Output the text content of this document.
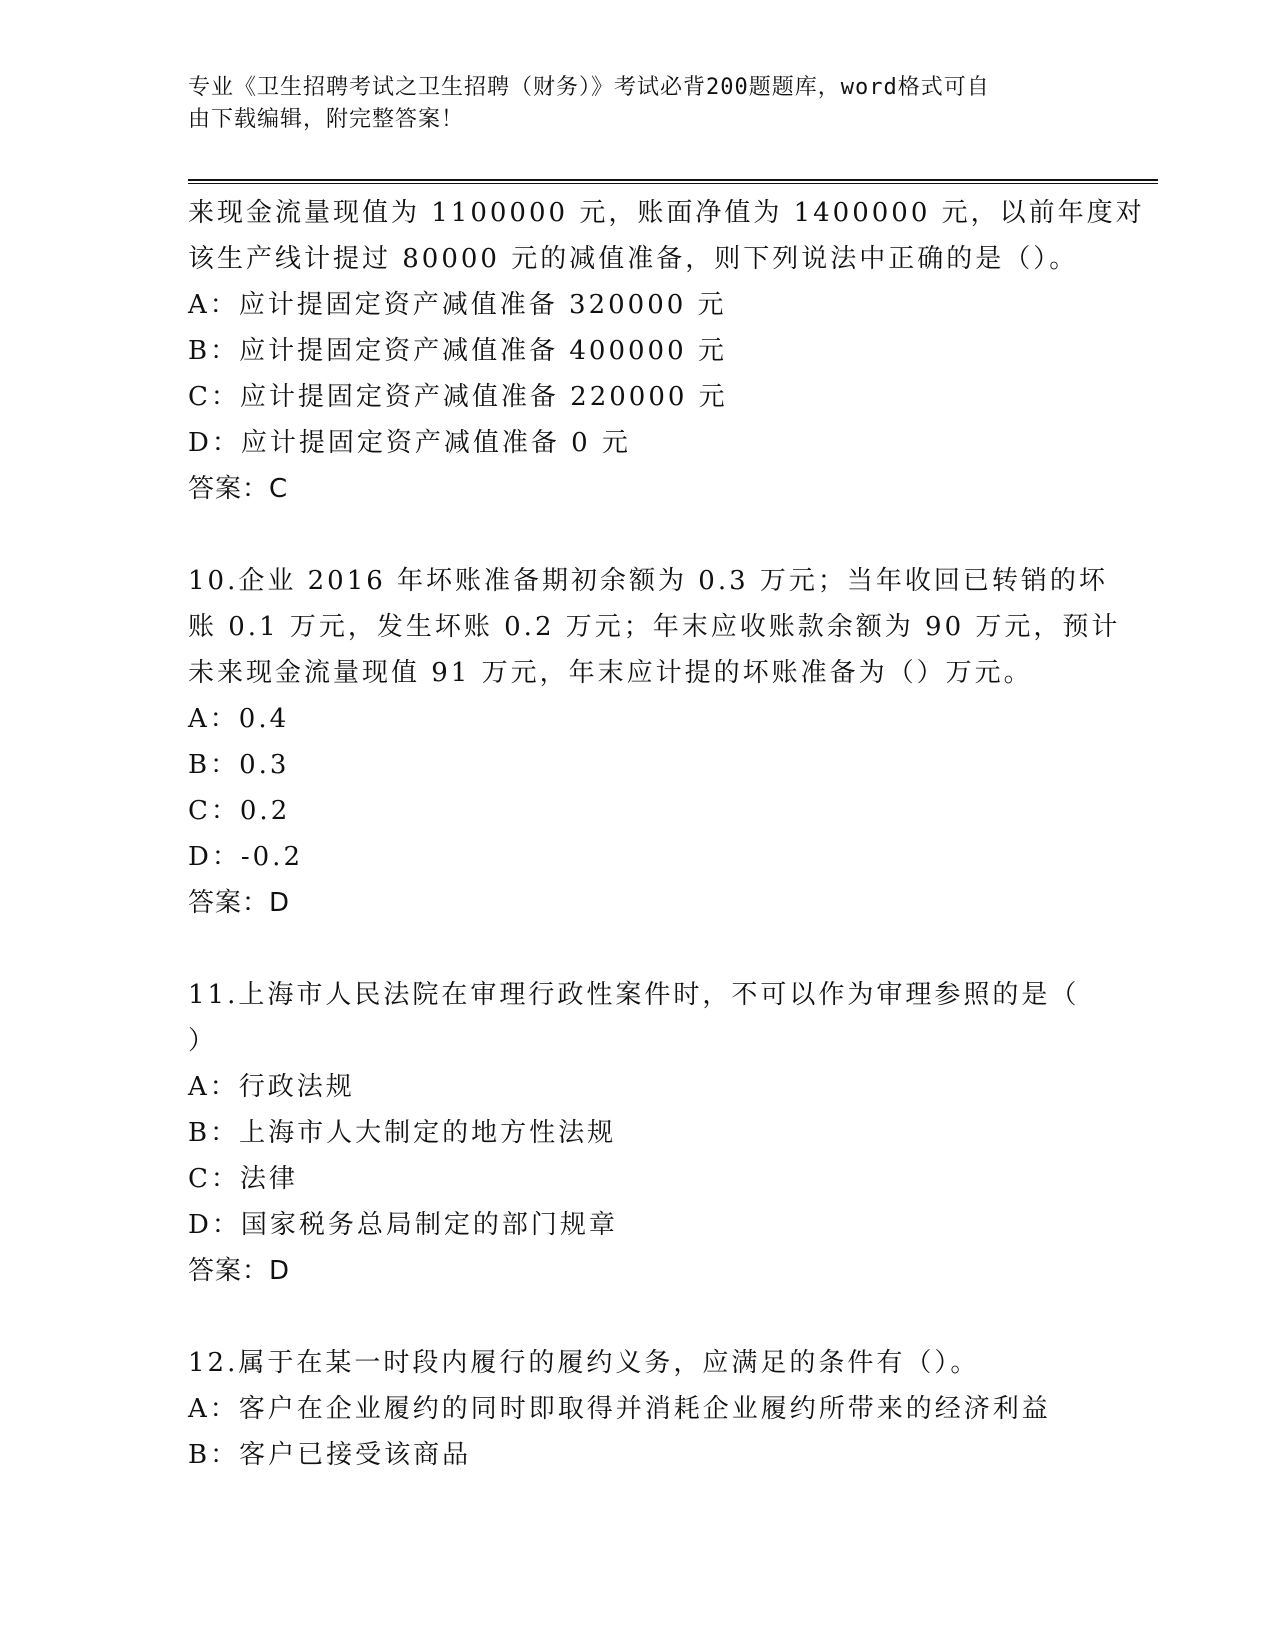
专业《卫生招聘考试之卫生招聘（财务）》考试必背200题题库，word格式可自
由下载编辑，附完整答案！
来现金流量现值为 1100000 元，账面净值为 1400000 元，以前年度对
该生产线计提过 80000 元的减值准备，则下列说法中正确的是（）。
A：应计提固定资产减值准备 320000 元
B：应计提固定资产减值准备 400000 元
C：应计提固定资产减值准备 220000 元
D：应计提固定资产减值准备 0 元
答案：C
10.企业 2016 年坏账准备期初余额为 0.3 万元；当年收回已转销的坏
账 0.1 万元，发生坏账 0.2 万元；年末应收账款余额为 90 万元，预计
未来现金流量现值 91 万元，年末应计提的坏账准备为（）万元。
A：0.4
B：0.3
C：0.2
D：-0.2
答案：D
11.上海市人民法院在审理行政性案件时，不可以作为审理参照的是（
）
A：行政法规
B：上海市人大制定的地方性法规
C：法律
D：国家税务总局制定的部门规章
答案：D
12.属于在某一时段内履行的履约义务，应满足的条件有（）。
A：客户在企业履约的同时即取得并消耗企业履约所带来的经济利益
B：客户已接受该商品
